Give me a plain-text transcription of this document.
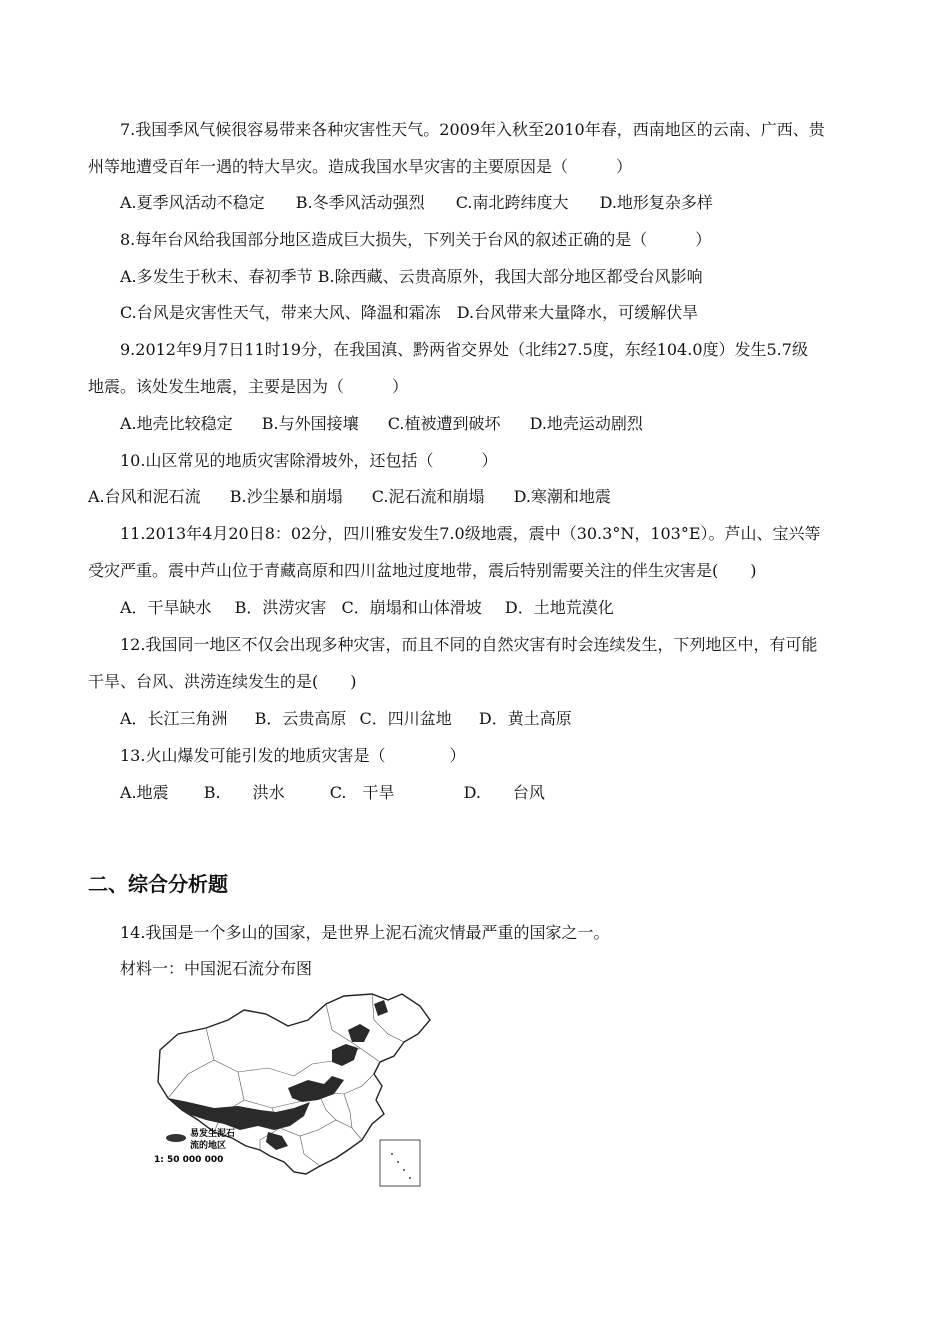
7.我国季风气候很容易带来各种灾害性天气。2009年入秋至2010年春，西南地区的云南、广西、贵
州等地遭受百年一遇的特大旱灾。造成我国水旱灾害的主要原因是（　　　）
A.夏季风活动不稳定 B.冬季风活动强烈 C.南北跨纬度大 D.地形复杂多样
8.每年台风给我国部分地区造成巨大损失，下列关于台风的叙述正确的是（　　　）
A.多发生于秋末、春初季节 B.除西藏、云贵高原外，我国大部分地区都受台风影响
C.台风是灾害性天气，带来大风、降温和霜冻　D.台风带来大量降水，可缓解伏旱
9.2012年9月7日11时19分，在我国滇、黔两省交界处（北纬27.5度，东经104.0度）发生5.7级
地震。该处发生地震，主要是因为（　　　）
A.地壳比较稳定 B.与外国接壤 C.植被遭到破坏 D.地壳运动剧烈
10.山区常见的地质灾害除滑坡外，还包括（　　　）
A.台风和泥石流 B.沙尘暴和崩塌 C.泥石流和崩塌 D.寒潮和地震
11.2013年4月20日8：02分，四川雅安发生7.0级地震，震中（30.3°N，103°E）。芦山、宝兴等
受灾严重。震中芦山位于青藏高原和四川盆地过度地带，震后特别需要关注的伴生灾害是(　　)
A．干旱缺水 B．洪涝灾害 C．崩塌和山体滑坡 D．土地荒漠化
12.我国同一地区不仅会出现多种灾害，而且不同的自然灾害有时会连续发生，下列地区中，有可能
干旱、台风、洪涝连续发生的是(　　)
A．长江三角洲 B．云贵高原 C．四川盆地 D．黄土高原
13.火山爆发可能引发的地质灾害是（　　　　）
A.地震 B.　　洪水	C.　干旱	D.　　台风
二、综合分析题
14.我国是一个多山的国家，是世界上泥石流灾情最严重的国家之一。
材料一：中国泥石流分布图
易发生泥石
流的地区
1: 50 000 000
